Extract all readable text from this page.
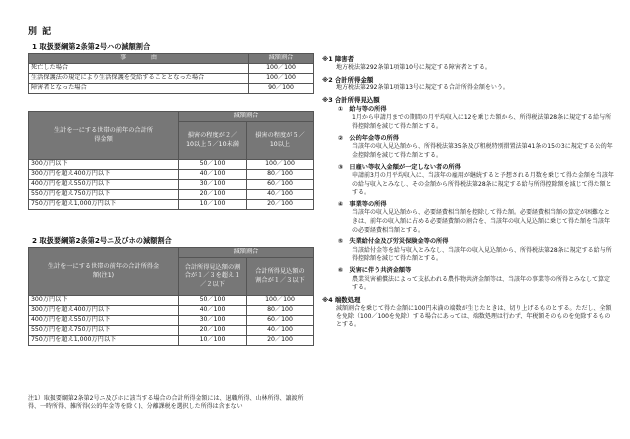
別 記
1 取扱要綱第2条第2号ハの減額割合
事　　　　由	減額割合
死亡した場合	100／100
生活保護法の規定により生活保護を受給することとなった場合	100／100
障害者となった場合	90／100
生計を一にする世帯の前年の合計所得金額	減額割合	
	損害の程度が２／10以上５／10未満	損害の程度が５／10以上
300万円以下	50／100	100／100
300万円を超え400万円以下	40／100	80／100
400万円を超え550万円以下	30／100	60／100
550万円を超え750万円以下	20／100	40／100
750万円を超え1,000万円以下	10／100	20／100
2 取扱要綱第2条第2号ニ及びホの減額割合
生計を一にする世帯の前年の合計所得金額(注1)	減額割合	
	合計所得見込額の割合が１／３を超え１／２以下	合計所得見込額の割合が１／３以下
300万円以下	50／100	100／100
300万円を超え400万円以下	40／100	80／100
400万円を超え550万円以下	30／100	60／100
550万円を超え750万円以下	20／100	40／100
750万円を超え1,000万円以下	10／100	20／100
注1）取扱要綱第2条第2号ニ及びホに該当する場合の合計所得金額には、退職所得、山林所得、譲渡所得、一時所得、雑所得(公的年金等を除く)、分離課税を選択した所得は含まない
※1 障害者
地方税法第292条第1項第10号に規定する障害者とする。
※2 合計所得金額
地方税法第292条第1項第13号に規定する合計所得金額をいう。
※3 合計所得見込額
①　給与等の所得
1月から申請月までの期間の月平均収入に12を乗じた額から、所得税法第28条に規定する給与所得控除額を減じて得た額とする。
②　公的年金等の所得
当該年の収入見込額から、所得税法第35条及び租税特別措置法第41条の15の3に規定する公的年金控除額を減じて得た額とする。
③　日雇い等収入金額が一定しない者の所得
申請前3月の月平均収入に、当該年の雇用が継続すると予想される月数を乗じて得た金額を当該年の給与収入とみなし、その金額から所得税法第28条に規定する給与所得控除額を減じて得た額とする。
④　事業等の所得
当該年の収入見込額から、必要経費相当額を控除して得た額。必要経費相当額の算定が困難なときは、前年の収入額に占める必要経費額の割合を、当該年の収入見込額に乗じて得た額を当該年の必要経費相当額とする。
⑤　失業給付金及び労災保険金等の所得
当該給付金等を給与収入とみなし、当該年の収入見込額から、所得税法第28条に規定する給与所得控除額を減じて得た額とする。
⑥　災害に伴う共済金額等
農業災害補償法によって支払われる農作物共済金額等は、当該年の事業等の所得とみなして算定する。
※4 端数処理
減額割合を乗じて得た金額に100円未満の端数が生じたときは、切り上げるものとする。ただし、全額を免除（100／100を免除）する場合にあっては、端数処理は行わず、年税額そのものを免除するものとする。
